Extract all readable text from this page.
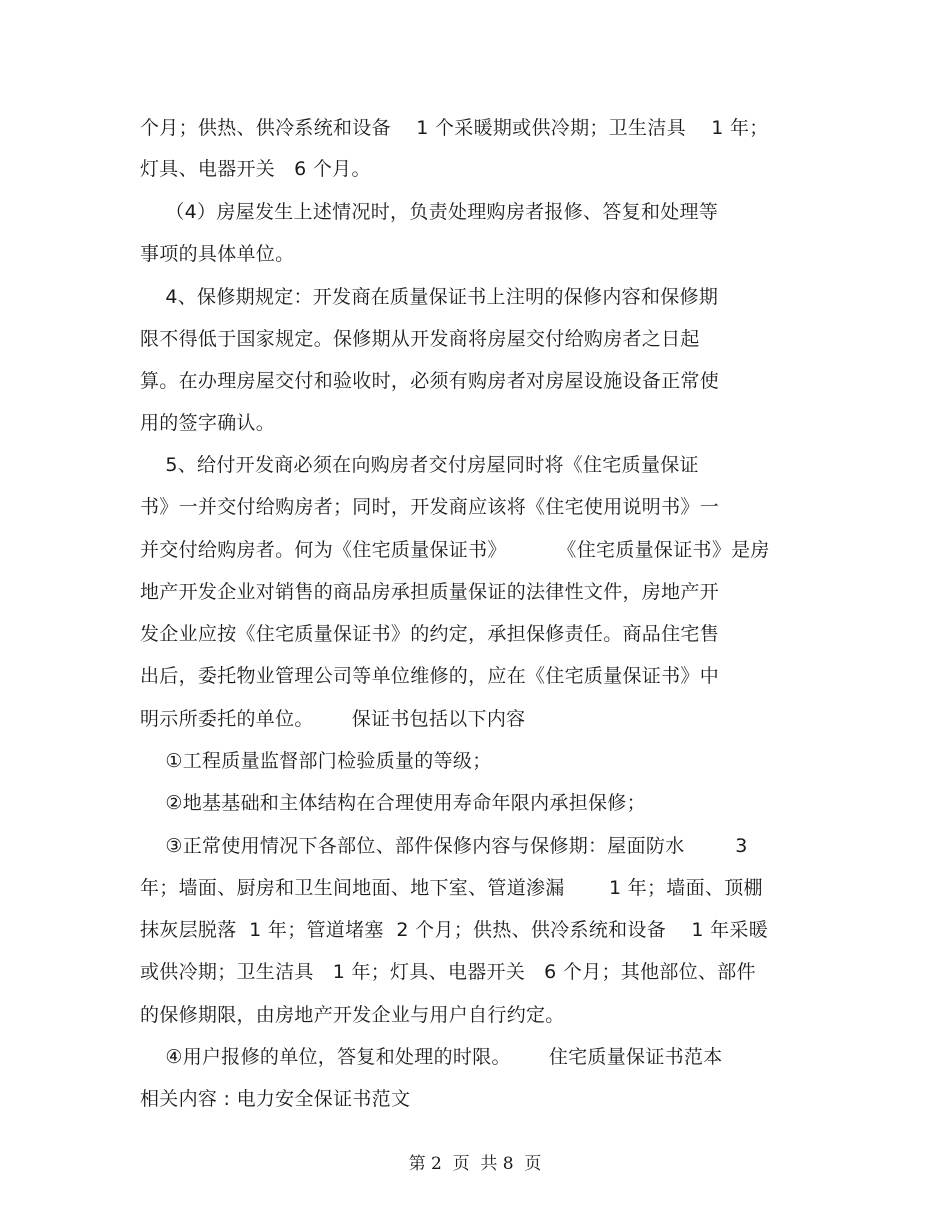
个月；供热、供冷系统和设备    1 个采暖期或供冷期；卫生洁具    1 年；
灯具、电器开关   6 个月。
（4）房屋发生上述情况时，负责处理购房者报修、答复和处理等
事项的具体单位。
4、保修期规定：开发商在质量保证书上注明的保修内容和保修期
限不得低于国家规定。保修期从开发商将房屋交付给购房者之日起
算。在办理房屋交付和验收时，必须有购房者对房屋设施设备正常使
用的签字确认。
5、给付开发商必须在向购房者交付房屋同时将《住宅质量保证
书》一并交付给购房者；同时，开发商应该将《住宅使用说明书》一
并交付给购房者。何为《住宅质量保证书》        《住宅质量保证书》是房
地产开发企业对销售的商品房承担质量保证的法律性文件，房地产开
发企业应按《住宅质量保证书》的约定，承担保修责任。商品住宅售
出后，委托物业管理公司等单位维修的，应在《住宅质量保证书》中
明示所委托的单位。      保证书包括以下内容
①工程质量监督部门检验质量的等级；
②地基基础和主体结构在合理使用寿命年限内承担保修；
③正常使用情况下各部位、部件保修内容与保修期：屋面防水        3
年；墙面、厨房和卫生间地面、地下室、管道渗漏       1 年；墙面、顶棚
抹灰层脱落  1 年；管道堵塞  2 个月；供热、供冷系统和设备    1 年采暖
或供冷期；卫生洁具   1 年；灯具、电器开关   6 个月；其他部位、部件
的保修期限，由房地产开发企业与用户自行约定。
④用户报修的单位，答复和处理的时限。      住宅质量保证书范本
相关内容 : 电力安全保证书范文
第 2  页  共 8  页
